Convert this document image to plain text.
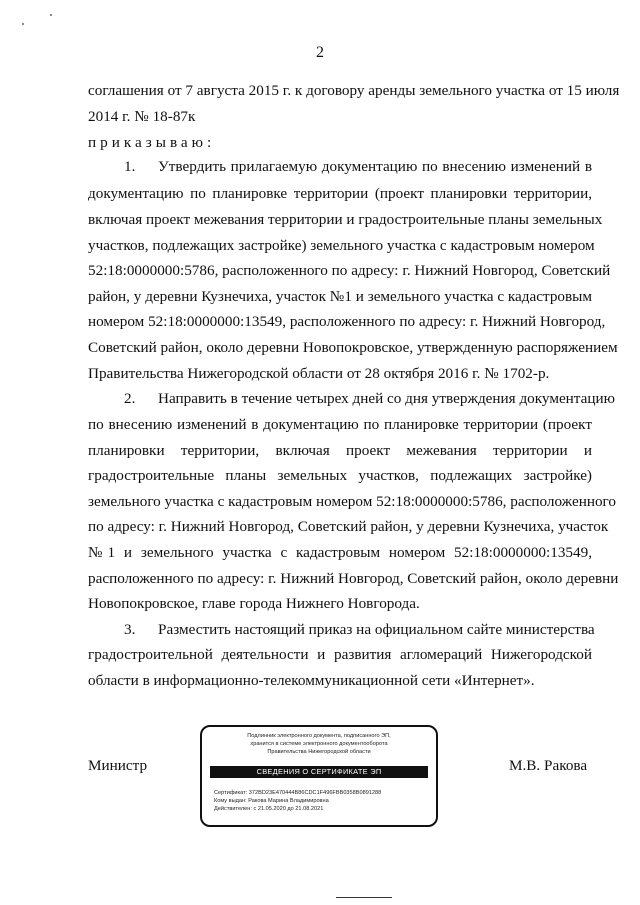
2
соглашения от 7 августа 2015 г. к договору аренды земельного участка от 15 июля
2014 г. № 18-87к
приказываю:
1. Утвердить прилагаемую документацию по внесению изменений в
документацию по планировке территории (проект планировки территории,
включая проект межевания территории и градостроительные планы земельных
участков, подлежащих застройке) земельного участка с кадастровым номером
52:18:0000000:5786, расположенного по адресу: г. Нижний Новгород, Советский
район, у деревни Кузнечиха, участок №1 и земельного участка с кадастровым
номером 52:18:0000000:13549, расположенного по адресу: г. Нижний Новгород,
Советский район, около деревни Новопокровское, утвержденную распоряжением
Правительства Нижегородской области от 28 октября 2016 г. № 1702-р.
2. Направить в течение четырех дней со дня утверждения документацию
по внесению изменений в документацию по планировке территории (проект
планировки территории, включая проект межевания территории и
градостроительные планы земельных участков, подлежащих застройке)
земельного участка с кадастровым номером 52:18:0000000:5786, расположенного
по адресу: г. Нижний Новгород, Советский район, у деревни Кузнечиха, участок
№1 и земельного участка с кадастровым номером 52:18:0000000:13549,
расположенного по адресу: г. Нижний Новгород, Советский район, около деревни
Новопокровское, главе города Нижнего Новгорода.
3. Разместить настоящий приказ на официальном сайте министерства
градостроительной деятельности и развития агломераций Нижегородской
области в информационно-телекоммуникационной сети «Интернет».
Министр	М.В. Ракова
Подлинник электронного документа, подписанного ЭП,
хранится в системе электронного документооборота
Правительства Нижегородской области
СВЕДЕНИЯ О СЕРТИФИКАТЕ ЭП
Сертификат: 372BD23E470444B86CDC1F496FBB0358B0891288
Кому выдан: Ракова Марина Владимировна
Действителен: с 21.05.2020 до 21.08.2021
